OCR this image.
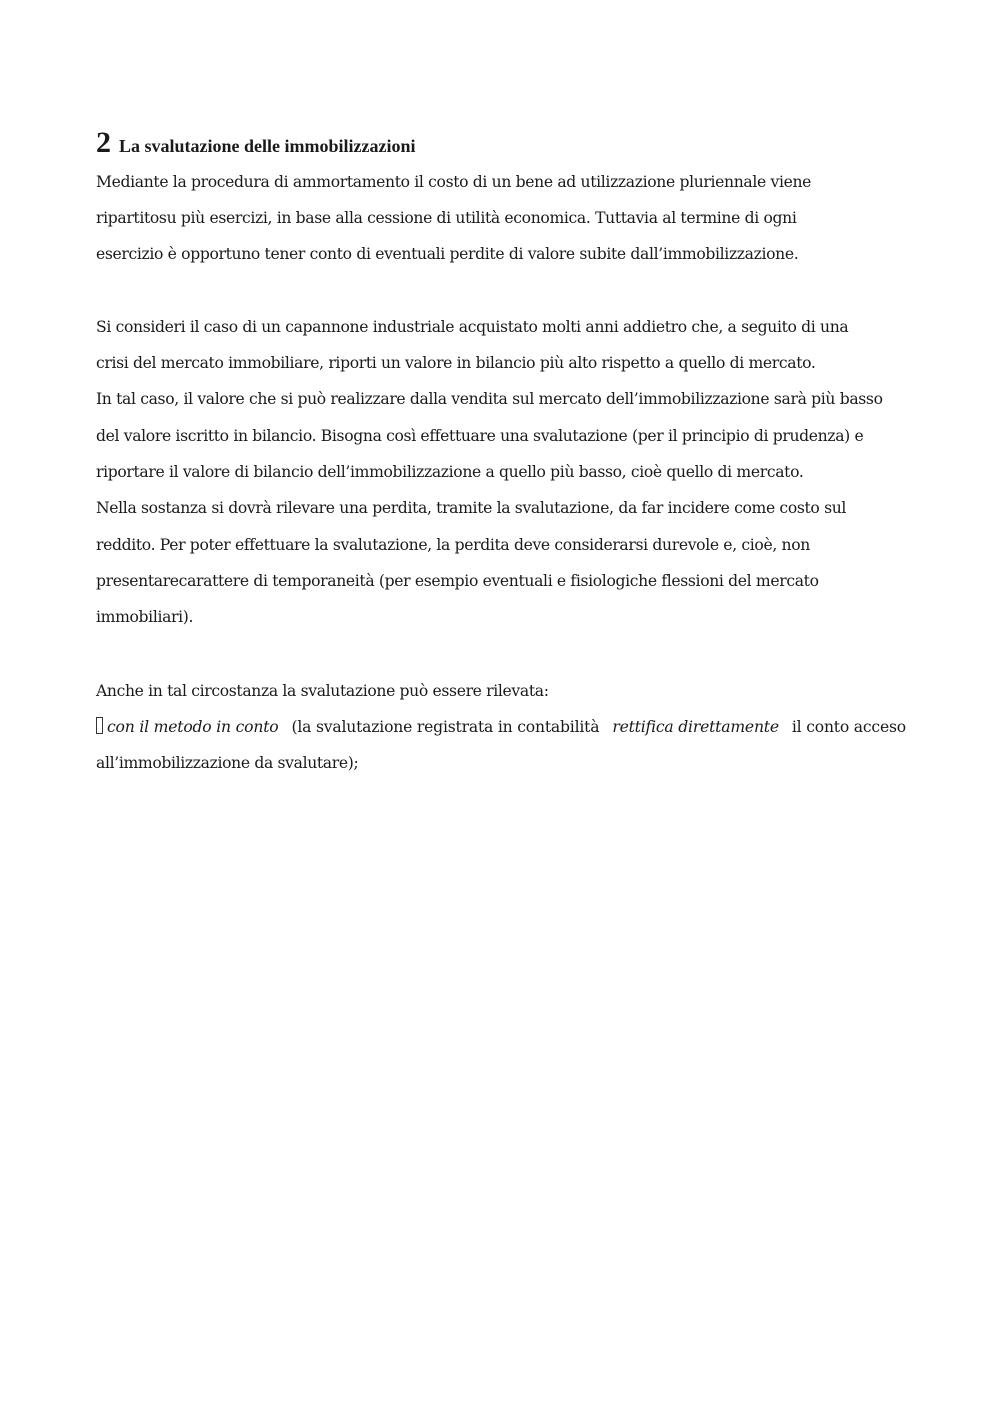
2 La svalutazione delle immobilizzazioni
Mediante la procedura di ammortamento il costo di un bene ad utilizzazione pluriennale viene
ripartitosu più esercizi, in base alla cessione di utilità economica. Tuttavia al termine di ogni
esercizio è opportuno tener conto di eventuali perdite di valore subite dall’immobilizzazione.
Si consideri il caso di un capannone industriale acquistato molti anni addietro che, a seguito di una
crisi del mercato immobiliare, riporti un valore in bilancio più alto rispetto a quello di mercato.
In tal caso, il valore che si può realizzare dalla vendita sul mercato dell’immobilizzazione sarà più basso
del valore iscritto in bilancio. Bisogna così effettuare una svalutazione (per il principio di prudenza) e
riportare il valore di bilancio dell’immobilizzazione a quello più basso, cioè quello di mercato.
Nella sostanza si dovrà rilevare una perdita, tramite la svalutazione, da far incidere come costo sul
reddito. Per poter effettuare la svalutazione, la perdita deve considerarsi durevole e, cioè, non
presentarecarattere di temporaneità (per esempio eventuali e fisiologiche flessioni del mercato
immobiliari).
Anche in tal circostanza la svalutazione può essere rilevata:
con il metodo in conto (la svalutazione registrata in contabilità rettifica direttamente il conto acceso
all’immobilizzazione da svalutare);
